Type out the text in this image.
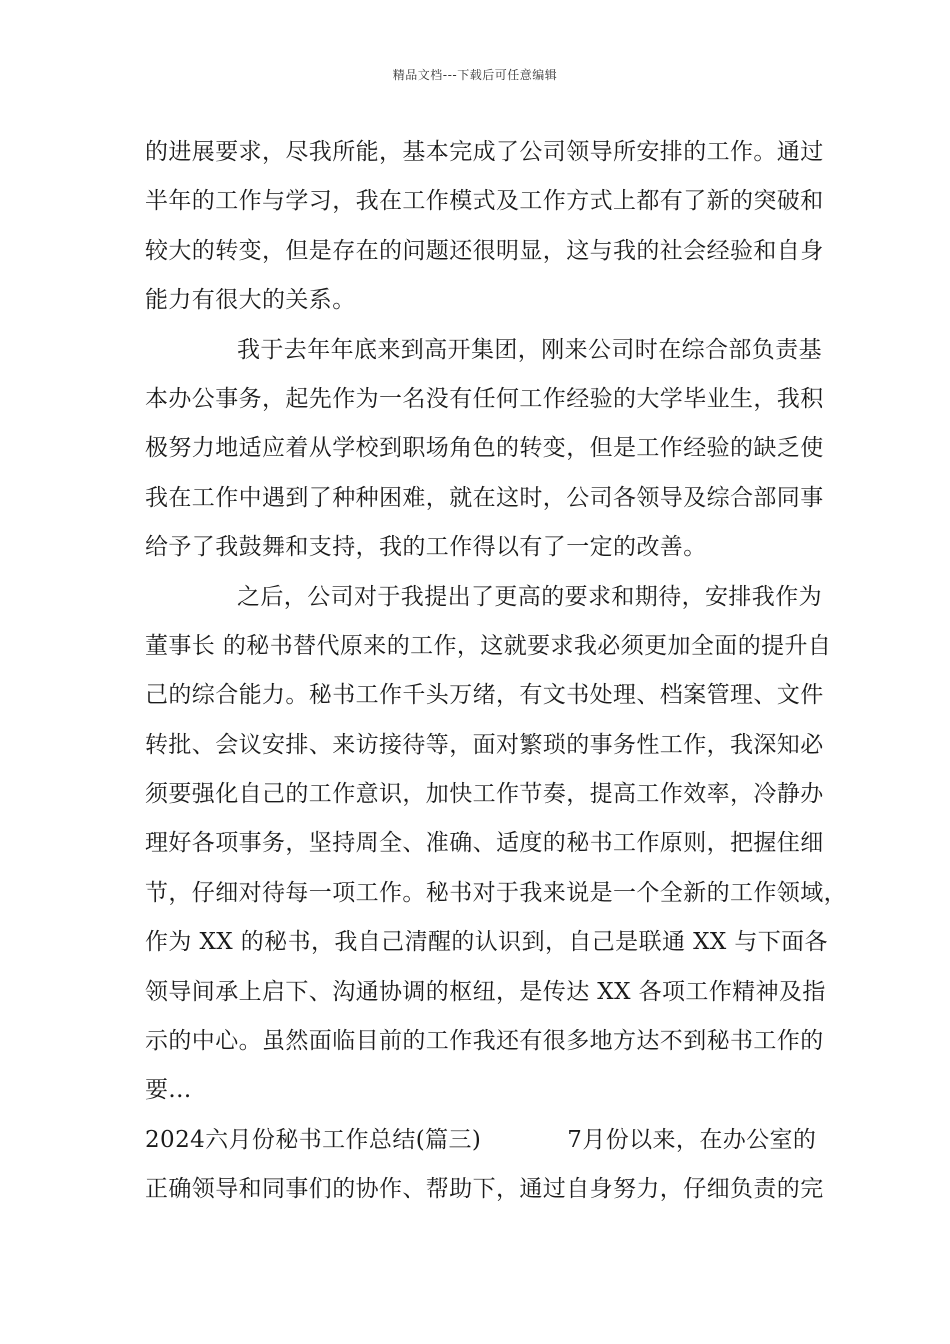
精品文档---下载后可任意编辑
的进展要求，尽我所能，基本完成了公司领导所安排的工作。通过
半年的工作与学习，我在工作模式及工作方式上都有了新的突破和
较大的转变，但是存在的问题还很明显，这与我的社会经验和自身
能力有很大的关系。
我于去年年底来到高开集团，刚来公司时在综合部负责基
本办公事务，起先作为一名没有任何工作经验的大学毕业生，我积
极努力地适应着从学校到职场角色的转变，但是工作经验的缺乏使
我在工作中遇到了种种困难，就在这时，公司各领导及综合部同事
给予了我鼓舞和支持，我的工作得以有了一定的改善。
之后，公司对于我提出了更高的要求和期待，安排我作为
董事长 的秘书替代原来的工作，这就要求我必须更加全面的提升自
己的综合能力。秘书工作千头万绪，有文书处理、档案管理、文件
转批、会议安排、来访接待等，面对繁琐的事务性工作，我深知必
须要强化自己的工作意识，加快工作节奏，提高工作效率，冷静办
理好各项事务，坚持周全、准确、适度的秘书工作原则，把握住细
节，仔细对待每一项工作。秘书对于我来说是一个全新的工作领域，
作为 XX 的秘书，我自己清醒的认识到，自己是联通 XX 与下面各
领导间承上启下、沟通协调的枢纽，是传达 XX 各项工作精神及指
示的中心。虽然面临目前的工作我还有很多地方达不到秘书工作的
要...
2024六月份秘书工作总结(篇三)	7月份以来，在办公室的
正确领导和同事们的协作、帮助下，通过自身努力，仔细负责的完
